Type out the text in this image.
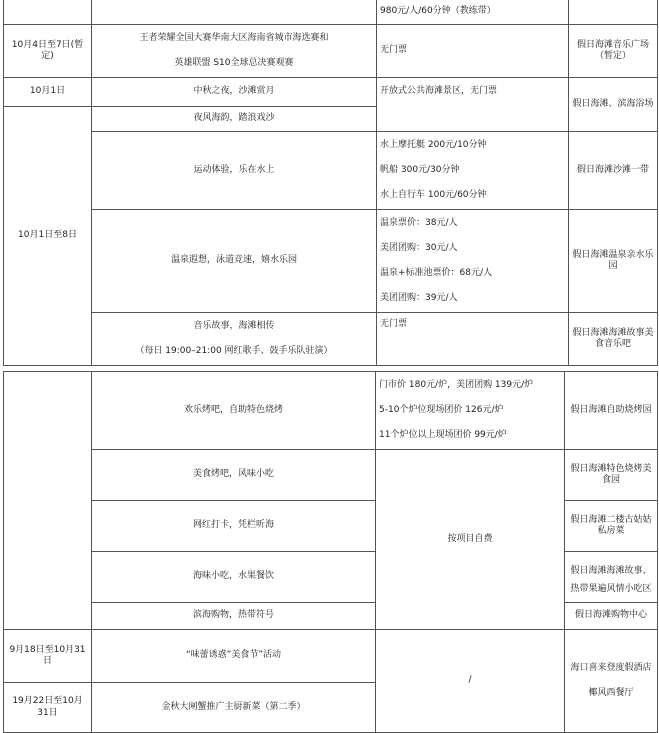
		980元/人/60分钟（教练带）	
10月4日至7日(暂定)	王者荣耀全国大赛华南大区海南省城市海选赛和
英雄联盟 S10全球总决赛观赛	无门票	假日海滩音乐广场（暂定）
10月1日	中秋之夜，沙滩赏月	开放式公共海滩景区，无门票	假日海滩、滨海浴场
10月1日至8日	夜风海韵，踏浪戏沙		
	运动体验，乐在水上	水上摩托艇 200元/10分钟
帆船 300元/30分钟
水上自行车 100元/60分钟	假日海滩沙滩一带
	温泉遐想，泳道竞速，嬉水乐园	温泉票价：38元/人
美团团购：30元/人
温泉+标准池票价：68元/人
美团团购：39元/人	假日海滩温泉亲水乐园

	音乐故事，海滩相传
（每日 19:00–21:00 网红歌手、鼓手乐队驻演）	无门票	假日海滩海滩故事美食音乐吧
	欢乐烤吧，自助特色烧烤	门市价 180元/炉，美团团购 139元/炉
5-10个炉位现场团价 126元/炉
11个炉位以上现场团价 99元/炉	假日海滩自助烧烤园
	美食烤吧，风味小吃	按项目自费	假日海滩特色烧烤美食园
	网红打卡，凭栏听海		假日海滩二楼古姑姑私房菜
	海味小吃，水果餐饮		假日海滩海滩故事、
热带果遍风情小吃区

	滨海购物，热带符号		假日海滩购物中心
9月18日至10月31日	“味蕾诱惑”美食节”活动	/	海口喜来登度假酒店
椰风西餐厅

19月22日至10月31日	金秋大闸蟹推广主厨新菜（第二季）		
